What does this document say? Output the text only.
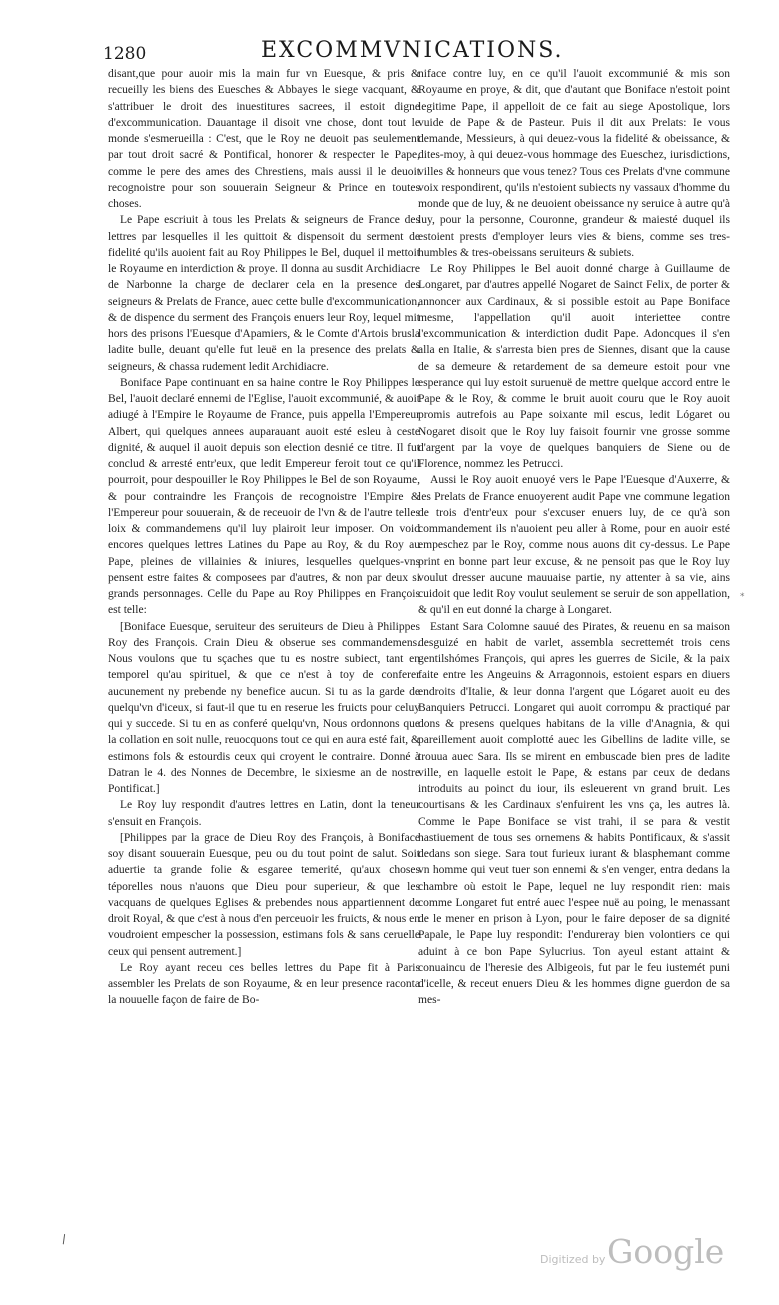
1280	EXCOMMVNICATIONS.

disant,que pour auoir mis la main fur vn Euesque, & pris & recueilly les biens des Euesches & Abbayes le siege vacquant, & s'attribuer le droit des inuestitures sacrees, il estoit digne d'excommunication. Dauantage il disoit vne chose, dont tout le monde s'esmerueilla : C'est, que le Roy ne deuoit pas seulement par tout droit sacré & Pontifical, honorer & respecter le Pape, comme le pere des ames des Chrestiens, mais aussi il le deuoit recognoistre pour son souuerain Seigneur & Prince en toutes choses.

Le Pape escriuit à tous les Prelats & seigneurs de France des lettres par lesquelles il les quittoit & dispensoit du serment de fidelité qu'ils auoient fait au Roy Philippes le Bel, duquel il mettoit le Royaume en interdiction & proye. Il donna au susdit Archidiacre de Narbonne la charge de declarer cela en la presence des seigneurs & Prelats de France, auec cette bulle d'excommunication, & de dispence du serment des François enuers leur Roy, lequel mit hors des prisons l'Euesque d'Apamiers, & le Comte d'Artois brusla ladite bulle, deuant qu'elle fut leuë en la presence des prelats & seigneurs, & chassa rudement ledit Archidiacre.

Boniface Pape continuant en sa haine contre le Roy Philippes le Bel, l'auoit declaré ennemi de l'Eglise, l'auoit excommunié, & auoit adiugé à l'Empire le Royaume de France, puis appella l'Empereur Albert, qui quelques annees auparauant auoit esté esleu à ceste dignité, & auquel il auoit depuis son election desnié ce titre. Il fut conclud & arresté entr'eux, que ledit Empereur feroit tout ce qu'il pourroit, pour despouiller le Roy Philippes le Bel de son Royaume, & pour contraindre les François de recognoistre l'Empire & l'Empereur pour souuerain, & de receuoir de l'vn & de l'autre telles loix & commandemens qu'il luy plairoit leur imposer. On void encores quelques lettres Latines du Pape au Roy, & du Roy au Pape, pleines de villainies & iniures, lesquelles quelques-vns pensent estre faites & composees par d'autres, & non par deux si grands personnages. Celle du Pape au Roy Philippes en François est telle:

[Boniface Euesque, seruiteur des seruiteurs de Dieu à Philippes Roy des François. Crain Dieu & obserue ses commandemens. Nous voulons que tu sçaches que tu es nostre subiect, tant en temporel qu'au spirituel, & que ce n'est à toy de conferer aucunement ny prebende ny benefice aucun. Si tu as la garde de quelqu'vn d'iceux, si faut-il que tu en reserue les fruicts pour celuy qui y succede. Si tu en as conferé quelqu'vn, Nous ordonnons que la collation en soit nulle, reuocquons tout ce qui en aura esté fait, & estimons fols & estourdis ceux qui croyent le contraire. Donné à Datran le 4. des Nonnes de Decembre, le sixiesme an de nostre Pontificat.]

Le Roy luy respondit d'autres lettres en Latin, dont la teneur s'ensuit en François.

[Philippes par la grace de Dieu Roy des François, à Boniface soy disant souuerain Euesque, peu ou du tout point de salut. Soit aduertie ta grande folie & esgaree temerité, qu'aux choses téporelles nous n'auons que Dieu pour superieur, & que les vacquans de quelques Eglises & prebendes nous appartiennent de droit Royal, & que c'est à nous d'en perceuoir les fruicts, & nous en voudroient empescher la possession, estimans fols & sans ceruelle ceux qui pensent autrement.]

Le Roy ayant receu ces belles lettres du Pape fit à Paris assembler les Prelats de son Royaume, & en leur presence raconta la nouuelle façon de faire de Bo-

niface contre luy, en ce qu'il l'auoit excommunié & mis son Royaume en proye, & dit, que d'autant que Boniface n'estoit point legitime Pape, il appelloit de ce fait au siege Apostolique, lors vuide de Pape & de Pasteur. Puis il dit aux Prelats: Ie vous demande, Messieurs, à qui deuez-vous la fidelité & obeissance, & dites-moy, à qui deuez-vous hommage des Eueschez, iurisdictions, villes & honneurs que vous tenez? Tous ces Prelats d'vne commune voix respondirent, qu'ils n'estoient subiects ny vassaux d'homme du monde que de luy, & ne deuoient obeissance ny seruice à autre qu'à luy, pour la personne, Couronne, grandeur & maiesté duquel ils estoient prests d'employer leurs vies & biens, comme ses tres-humbles & tres-obeissans seruiteurs & subiets.

Le Roy Philippes le Bel auoit donné charge à Guillaume de Longaret, par d'autres appellé Nogaret de Sainct Felix, de porter & annoncer aux Cardinaux, & si possible estoit au Pape Boniface mesme, l'appellation qu'il auoit interiettee contre l'excommunication & interdiction dudit Pape. Adoncques il s'en alla en Italie, & s'arresta bien pres de Siennes, disant que la cause de sa demeure & retardement de sa demeure estoit pour vne esperance qui luy estoit suruenuë de mettre quelque accord entre le Pape & le Roy, & comme le bruit auoit couru que le Roy auoit promis autrefois au Pape soixante mil escus, ledit Lógaret ou Nogaret disoit que le Roy luy faisoit fournir vne grosse somme d'argent par la voye de quelques banquiers de Siene ou de Florence, nommez les Petrucci.

Aussi le Roy auoit enuoyé vers le Pape l'Euesque d'Auxerre, & les Prelats de France enuoyerent audit Pape vne commune legation de trois d'entr'eux pour s'excuser enuers luy, de ce qu'à son commandement ils n'auoient peu aller à Rome, pour en auoir esté empeschez par le Roy, comme nous auons dit cy-dessus. Le Pape print en bonne part leur excuse, & ne pensoit pas que le Roy luy voulut dresser aucune mauuaise partie, ny attenter à sa vie, ains cuidoit que ledit Roy voulut seulement se seruir de son appellation, & qu'il en eut donné la charge à Longaret.

Estant Sara Colomne sauué des Pirates, & reuenu en sa maison desguizé en habit de varlet, assembla secrettemét trois cens gentilshómes François, qui apres les guerres de Sicile, & la paix faite entre les Angeuins & Arragonnois, estoient espars en diuers endroits d'Italie, & leur donna l'argent que Lógaret auoit eu des Banquiers Petrucci. Longaret qui auoit corrompu & practiqué par dons & presens quelques habitans de la ville d'Anagnia, & qui pareillement auoit complotté auec les Gibellins de ladite ville, se trouua auec Sara. Ils se mirent en embuscade bien pres de ladite ville, en laquelle estoit le Pape, & estans par ceux de dedans introduits au poinct du iour, ils esleuerent vn grand bruit. Les courtisans & les Cardinaux s'enfuirent les vns ça, les autres là. Comme le Pape Boniface se vist trahi, il se para & vestit hastiuement de tous ses ornemens & habits Pontificaux, & s'assit dedans son siege. Sara tout furieux iurant & blasphemant comme vn homme qui veut tuer son ennemi & s'en venger, entra dedans la chambre où estoit le Pape, lequel ne luy respondit rien: mais comme Longaret fut entré auec l'espee nuë au poing, le menassant de le mener en prison à Lyon, pour le faire deposer de sa dignité Papale, le Pape luy respondit: I'endureray bien volontiers ce qui aduint à ce bon Pape Sylucrius. Ton ayeul estant attaint & conuaincu de l'heresie des Albigeois, fut par le feu iustemét puni d'icelle, & receut enuers Dieu & les hommes digne guerdon de sa mes-

\
*
Digitized by Google
